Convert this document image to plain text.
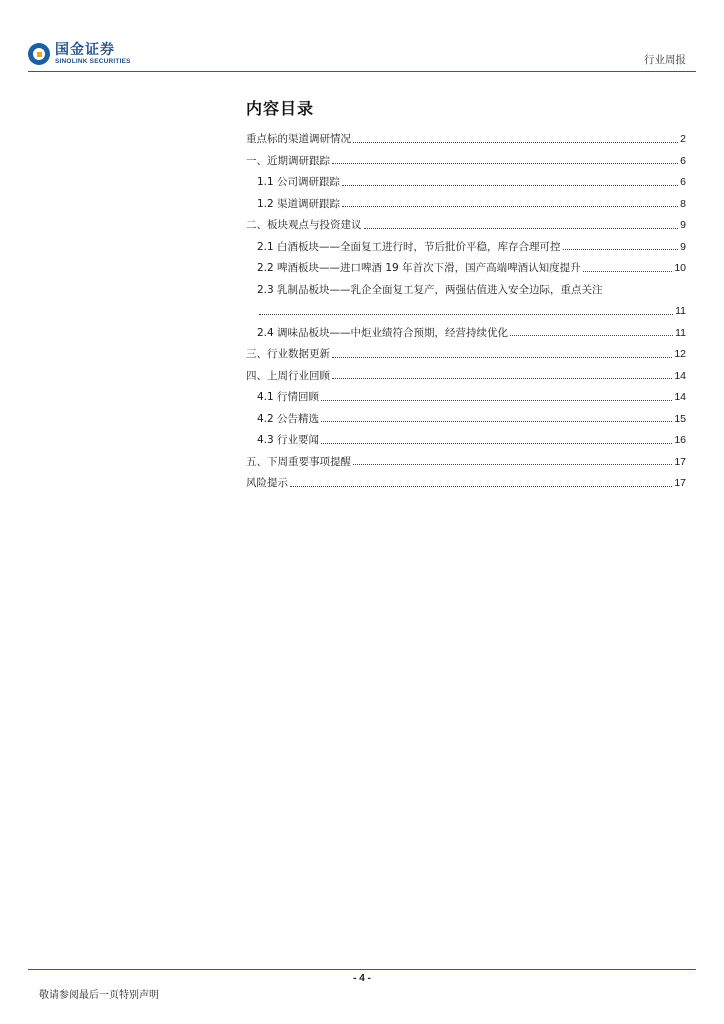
国金证券
SINOLINK SECURITIES	行业周报
内容目录
重点标的渠道调研情况	2
一、近期调研跟踪	6
1.1 公司调研跟踪	6
1.2 渠道调研跟踪	8
二、板块观点与投资建议	9
2.1 白酒板块——全面复工进行时，节后批价平稳，库存合理可控	9
2.2 啤酒板块——进口啤酒 19 年首次下滑，国产高端啤酒认知度提升	10
2.3 乳制品板块——乳企全面复工复产，两强估值进入安全边际，重点关注
11
2.4 调味品板块——中炬业绩符合预期，经营持续优化	11
三、行业数据更新	12
四、上周行业回顾	14
4.1 行情回顾	14
4.2 公告精选	15
4.3 行业要闻	16
五、下周重要事项提醒	17
风险提示	17
- 4 -
敬请参阅最后一页特别声明
